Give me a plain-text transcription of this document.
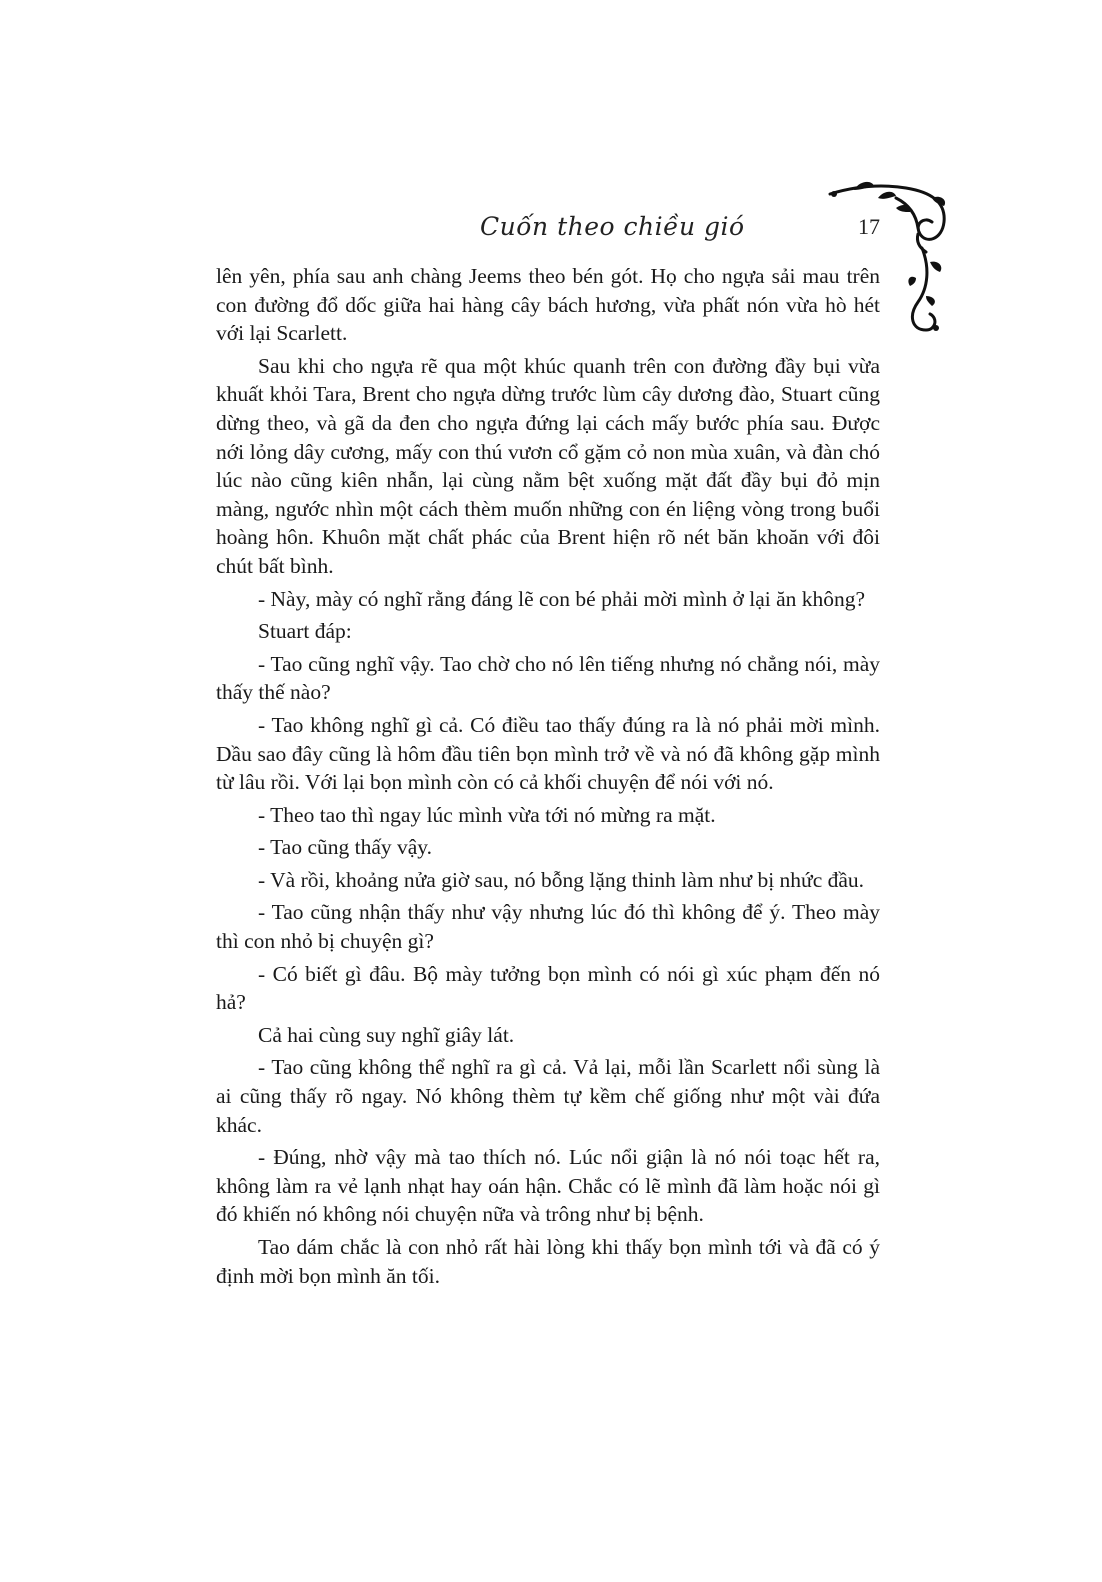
Cuốn theo chiều gió	17

lên yên, phía sau anh chàng Jeems theo bén gót. Họ cho ngựa sải mau trên con đường đổ dốc giữa hai hàng cây bách hương, vừa phất nón vừa hò hét với lại Scarlett.

Sau khi cho ngựa rẽ qua một khúc quanh trên con đường đầy bụi vừa khuất khỏi Tara, Brent cho ngựa dừng trước lùm cây dương đào, Stuart cũng dừng theo, và gã da đen cho ngựa đứng lại cách mấy bước phía sau. Được nới lỏng dây cương, mấy con thú vươn cổ gặm cỏ non mùa xuân, và đàn chó lúc nào cũng kiên nhẫn, lại cùng nằm bệt xuống mặt đất đầy bụi đỏ mịn màng, ngước nhìn một cách thèm muốn những con én liệng vòng trong buổi hoàng hôn. Khuôn mặt chất phác của Brent hiện rõ nét băn khoăn với đôi chút bất bình.

- Này, mày có nghĩ rằng đáng lẽ con bé phải mời mình ở lại ăn không?

Stuart đáp:

- Tao cũng nghĩ vậy. Tao chờ cho nó lên tiếng nhưng nó chẳng nói, mày thấy thế nào?

- Tao không nghĩ gì cả. Có điều tao thấy đúng ra là nó phải mời mình. Dầu sao đây cũng là hôm đầu tiên bọn mình trở về và nó đã không gặp mình từ lâu rồi. Với lại bọn mình còn có cả khối chuyện để nói với nó.

- Theo tao thì ngay lúc mình vừa tới nó mừng ra mặt.

- Tao cũng thấy vậy.

- Và rồi, khoảng nửa giờ sau, nó bỗng lặng thinh làm như bị nhức đầu.

- Tao cũng nhận thấy như vậy nhưng lúc đó thì không để ý. Theo mày thì con nhỏ bị chuyện gì?

- Có biết gì đâu. Bộ mày tưởng bọn mình có nói gì xúc phạm đến nó hả?

Cả hai cùng suy nghĩ giây lát.

- Tao cũng không thể nghĩ ra gì cả. Vả lại, mỗi lần Scarlett nổi sùng là ai cũng thấy rõ ngay. Nó không thèm tự kềm chế giống như một vài đứa khác.

- Đúng, nhờ vậy mà tao thích nó. Lúc nổi giận là nó nói toạc hết ra, không làm ra vẻ lạnh nhạt hay oán hận. Chắc có lẽ mình đã làm hoặc nói gì đó khiến nó không nói chuyện nữa và trông như bị bệnh.

Tao dám chắc là con nhỏ rất hài lòng khi thấy bọn mình tới và đã có ý định mời bọn mình ăn tối.
